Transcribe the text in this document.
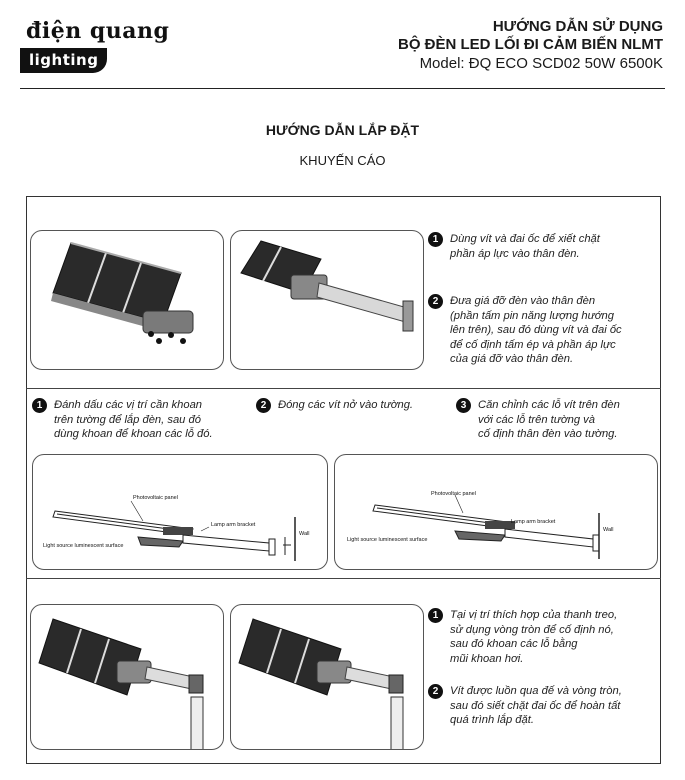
điện quang
lighting
HƯỚNG DẪN SỬ DỤNG
BỘ ĐÈN LED LỐI ĐI CẢM BIẾN NLMT
Model: ĐQ ECO SCD02 50W 6500K
HƯỚNG DẪN LẮP ĐẶT
KHUYẾN CÁO
1	Dùng vít và đai ốc để xiết chặt
phần áp lực vào thân đèn.
2	Đưa giá đỡ đèn vào thân đèn
(phần tấm pin năng lượng hướng
lên trên), sau đó dùng vít và đai ốc
để cố định tấm ép và phần áp lực
của giá đỡ vào thân đèn.
1	Đánh dấu các vị trí cần khoan
trên tường để lắp đèn, sau đó
dùng khoan để khoan các lỗ đó.
2	Đóng các vít nở vào tường.	3	Căn chỉnh các lỗ vít trên đèn
với các lỗ trên tường và
cố định thân đèn vào tường.
Photovoltaic panel
Lamp arm bracket
Wall
Light source luminescent surface
Photovoltaic panel
Lamp arm bracket
Wall
Light source luminescent surface
1	Tại vị trí thích hợp của thanh treo,
sử dụng vòng tròn để cố định nó,
sau đó khoan các lỗ bằng
mũi khoan hơi.
2	Vít được luồn qua đế và vòng tròn,
sau đó siết chặt đai ốc để hoàn tất
quá trình lắp đặt.
